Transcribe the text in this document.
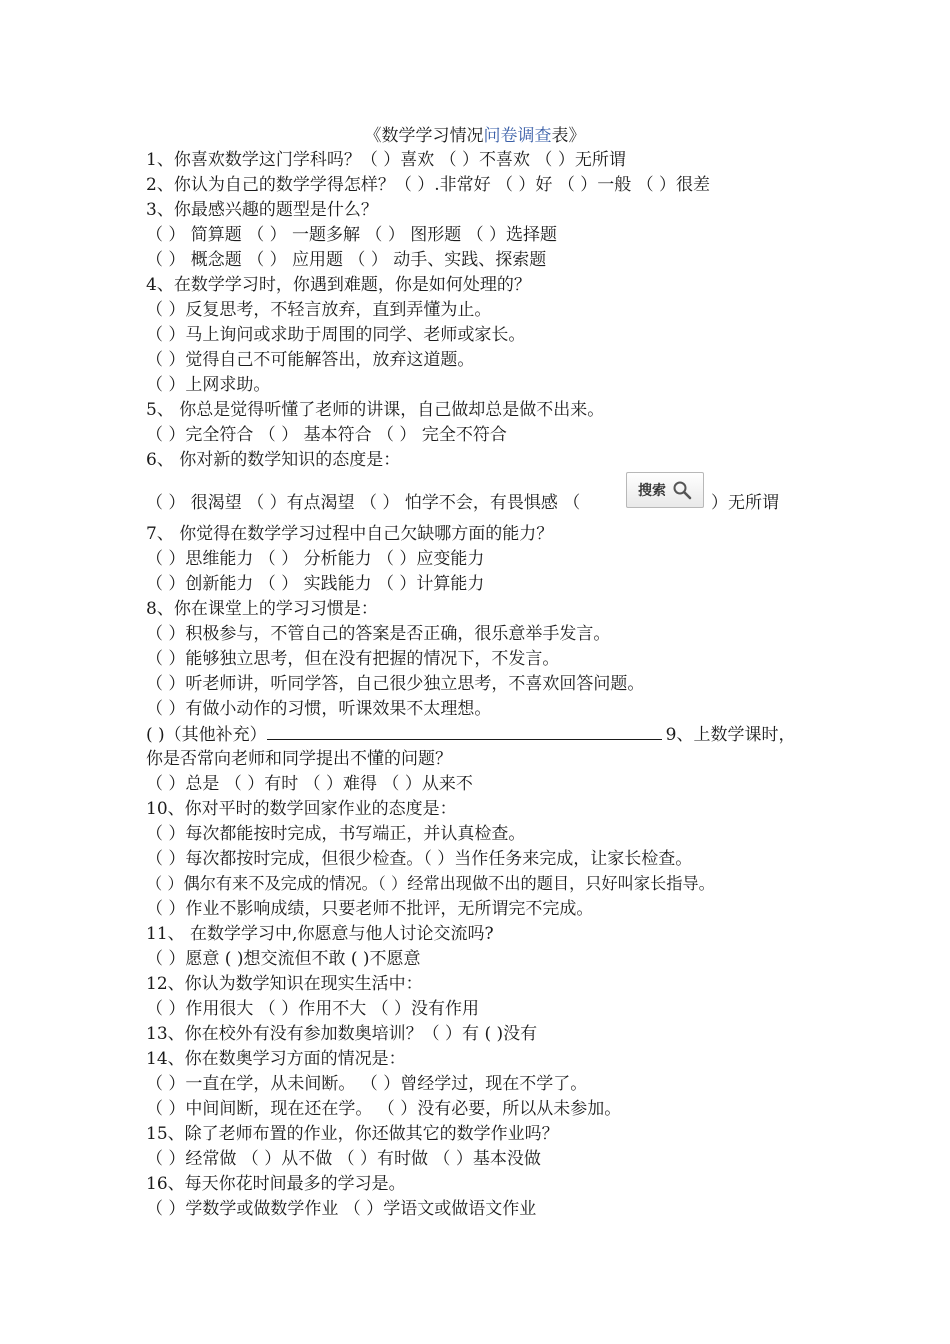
《数学学习情况问卷调查表》
1、你喜欢数学这门学科吗？（ ）喜欢 （ ）不喜欢 （ ）无所谓
2、你认为自己的数学学得怎样？（ ）.非常好 （ ）好 （ ）一般 （ ）很差
3、你最感兴趣的题型是什么？
（ ） 简算题 （ ） 一题多解 （ ） 图形题 （ ）选择题
（ ） 概念题 （ ） 应用题 （ ） 动手、实践、探索题
4、在数学学习时，你遇到难题，你是如何处理的？
（ ）反复思考，不轻言放弃，直到弄懂为止。
（ ）马上询问或求助于周围的同学、老师或家长。
（ ）觉得自己不可能解答出，放弃这道题。
（ ）上网求助。
5、 你总是觉得听懂了老师的讲课，自己做却总是做不出来。
（ ）完全符合 （ ） 基本符合 （ ） 完全不符合
6、 你对新的数学知识的态度是：
（ ） 很渴望 （ ）有点渴望 （ ） 怕学不会，有畏惧感 （
搜索
）无所谓
7、 你觉得在数学学习过程中自己欠缺哪方面的能力？
（ ）思维能力 （ ） 分析能力 （ ）应变能力
（ ）创新能力 （ ） 实践能力 （ ）计算能力
8、你在课堂上的学习习惯是：
（ ）积极参与，不管自己的答案是否正确，很乐意举手发言。
（ ）能够独立思考，但在没有把握的情况下，不发言。
（ ）听老师讲，听同学答，自己很少独立思考，不喜欢回答问题。
（ ）有做小动作的习惯，听课效果不太理想。
( )（其他补充）	9、上数学课时，
你是否常向老师和同学提出不懂的问题？
（ ）总是 （ ）有时 （ ）难得 （ ）从来不
10、你对平时的数学回家作业的态度是：
（ ）每次都能按时完成，书写端正，并认真检查。
（ ）每次都按时完成，但很少检查。（ ）当作任务来完成，让家长检查。
（ ）偶尔有来不及完成的情况。（ ）经常出现做不出的题目，只好叫家长指导。
（ ）作业不影响成绩，只要老师不批评，无所谓完不完成。
11、 在数学学习中,你愿意与他人讨论交流吗?
（ ）愿意 ( )想交流但不敢 ( )不愿意
12、你认为数学知识在现实生活中：
（ ）作用很大 （ ）作用不大 （ ）没有作用
13、你在校外有没有参加数奥培训？（ ）有 ( )没有
14、你在数奥学习方面的情况是：
（ ）一直在学，从未间断。 （ ）曾经学过，现在不学了。
（ ）中间间断，现在还在学。 （ ）没有必要，所以从未参加。
15、除了老师布置的作业，你还做其它的数学作业吗？
（ ）经常做 （ ）从不做 （ ）有时做 （ ）基本没做
16、每天你花时间最多的学习是。
（ ）学数学或做数学作业 （ ）学语文或做语文作业
